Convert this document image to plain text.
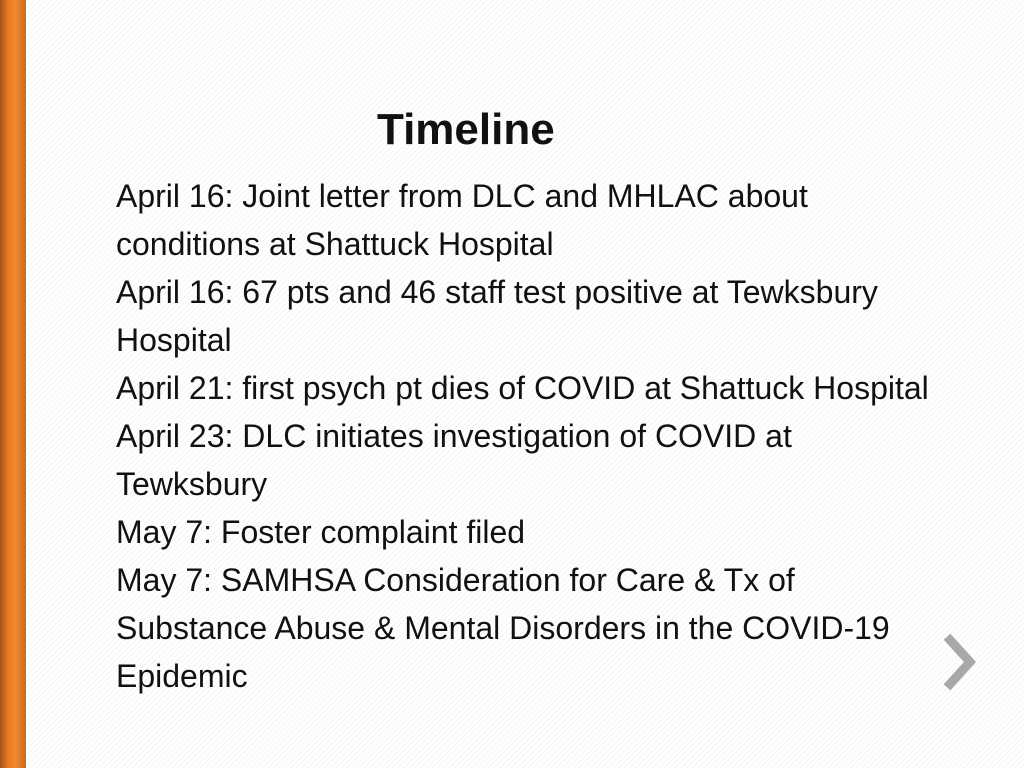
Timeline
April 16: Joint letter from DLC and MHLAC about conditions at Shattuck Hospital
April 16: 67 pts and 46 staff test positive at Tewksbury Hospital
April 21: first psych pt dies of COVID at Shattuck Hospital
April 23: DLC initiates investigation of COVID at Tewksbury
May 7: Foster complaint filed
May 7: SAMHSA Consideration for Care & Tx of Substance Abuse & Mental Disorders in the COVID-19 Epidemic
